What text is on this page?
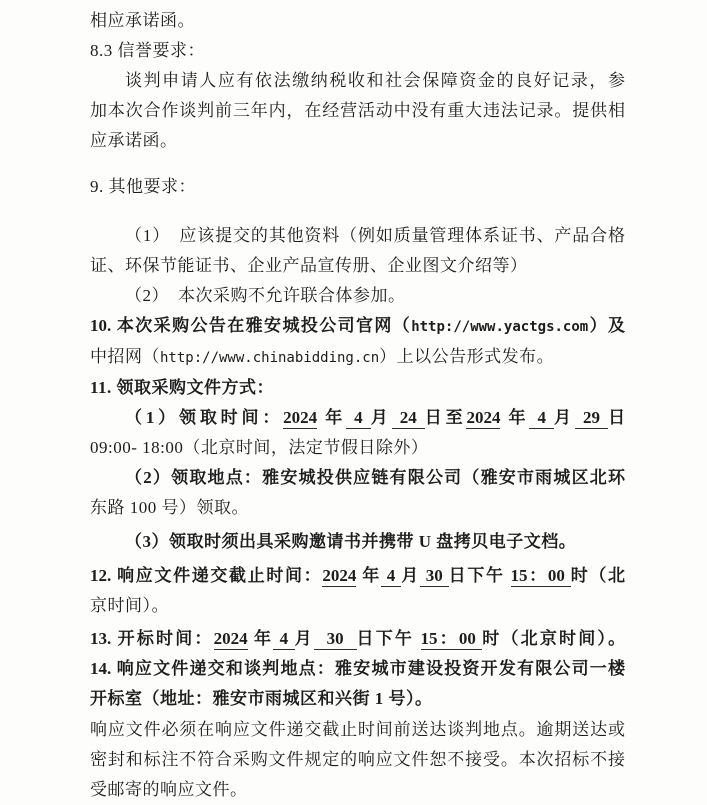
相应承诺函。

8.3 信誉要求：

谈判申请人应有依法缴纳税收和社会保障资金的良好记录，参

加本次合作谈判前三年内，在经营活动中没有重大违法记录。提供相

应承诺函。

9. 其他要求：

（1）　应该提交的其他资料（例如质量管理体系证书、产品合格

证、环保节能证书、企业产品宣传册、企业图文介绍等）

（2）　本次采购不允许联合体参加。

10. 本次采购公告在雅安城投公司官网（http://www.yactgs.com）及

中招网（http://www.chinabidding.cn）上以公告形式发布。

11. 领取采购文件方式：

（1）领取时间：2024 年 4 月 24 日至2024 年 4 月 29 日

09:00- 18:00（北京时间，法定节假日除外）

（2）领取地点：雅安城投供应链有限公司（雅安市雨城区北环

东路 100 号）领取。

（3）领取时须出具采购邀请书并携带 U 盘拷贝电子文档。

12. 响应文件递交截止时间：2024 年 4 月 30 日下午 15：00 时（北

京时间）。

13. 开标时间：2024 年 4 月  30  日下午 15：00 时（北京时间）。

14. 响应文件递交和谈判地点：雅安城市建设投资开发有限公司一楼

开标室（地址：雅安市雨城区和兴街 1 号）。

响应文件必须在响应文件递交截止时间前送达谈判地点。逾期送达或

密封和标注不符合采购文件规定的响应文件恕不接受。本次招标不接

受邮寄的响应文件。
